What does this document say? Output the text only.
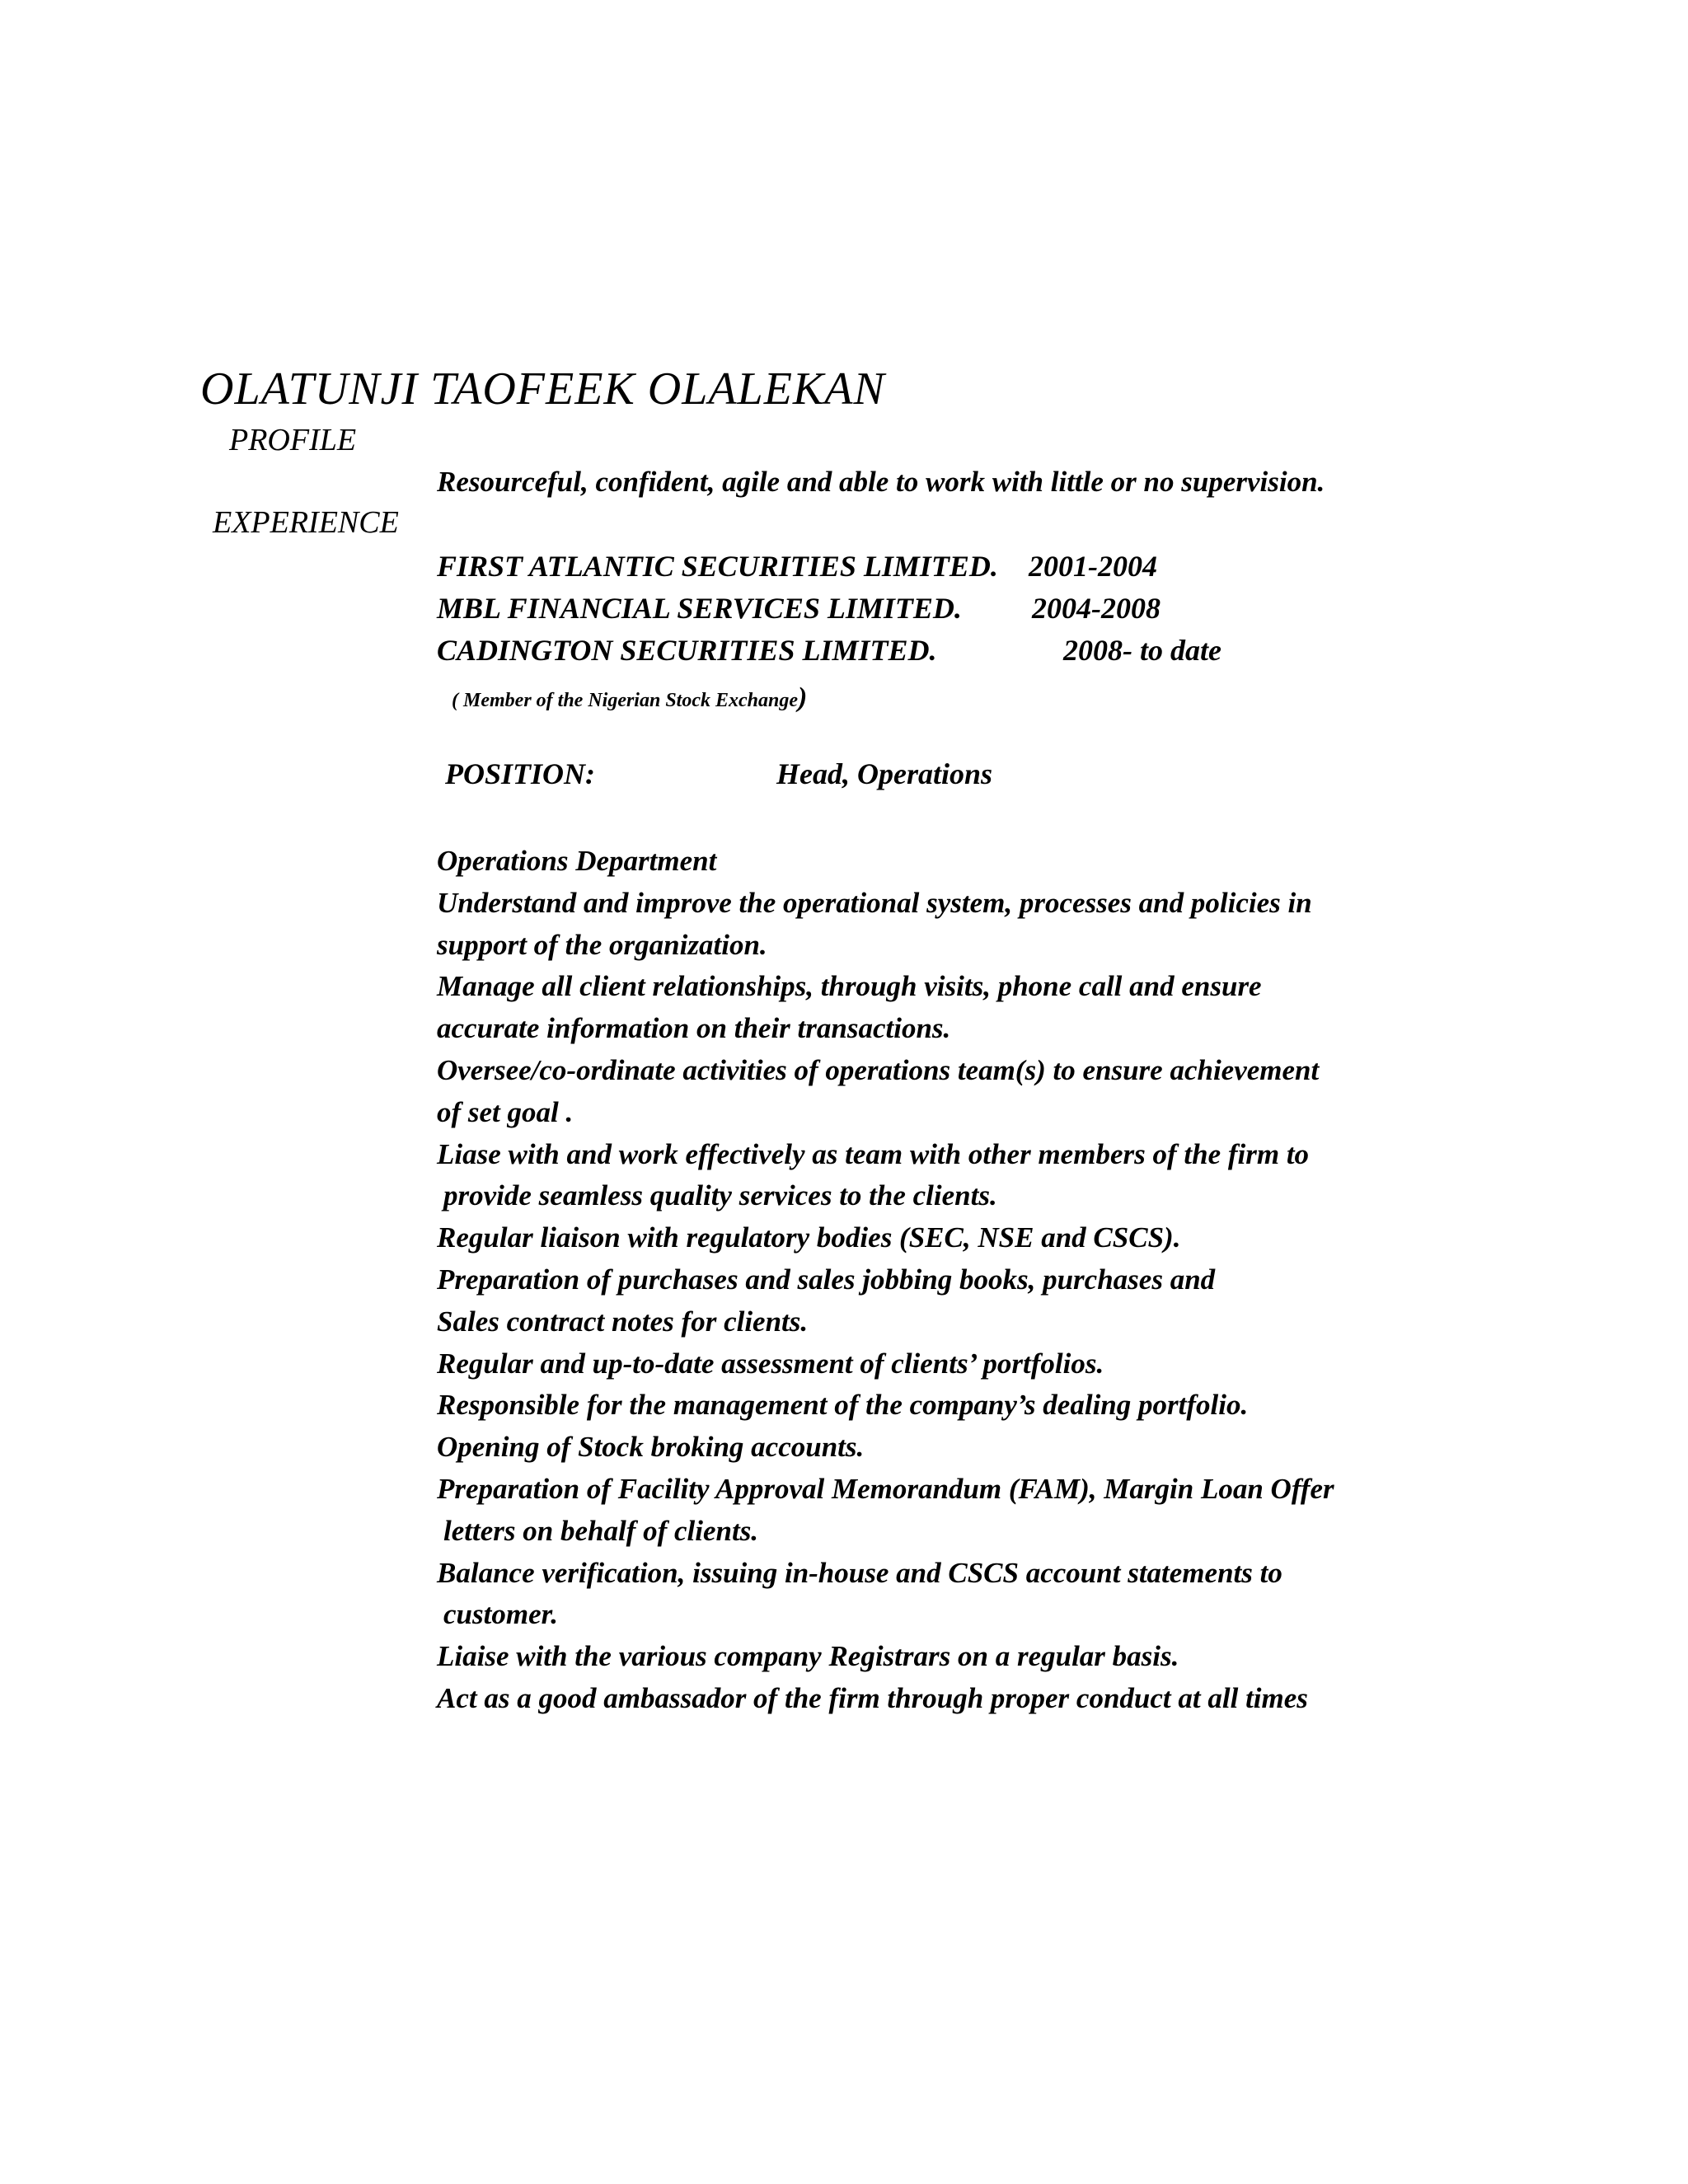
OLATUNJI TAOFEEK OLALEKAN
PROFILE
Resourceful, confident, agile and able to work with little or no supervision.
EXPERIENCE
FIRST ATLANTIC SECURITIES LIMITED. 2001-2004
MBL FINANCIAL SERVICES LIMITED. 2004-2008
CADINGTON SECURITIES LIMITED.	2008- to date
( Member of the Nigerian Stock Exchange)
POSITION:	Head, Operations
Operations Department
Understand and improve the operational system, processes and policies in
support of the organization.
Manage all client relationships, through visits, phone call and ensure
accurate information on their transactions.
Oversee/co-ordinate activities of operations team(s) to ensure achievement
of set goal .
Liase with and work effectively as team with other members of the firm to
provide seamless quality services to the clients.
Regular liaison with regulatory bodies (SEC, NSE and CSCS).
Preparation of purchases and sales jobbing books, purchases and
Sales contract notes for clients.
Regular and up-to-date assessment of clients’ portfolios.
Responsible for the management of the company’s dealing portfolio.
Opening of Stock broking accounts.
Preparation of Facility Approval Memorandum (FAM), Margin Loan Offer
letters on behalf of clients.
Balance verification, issuing in-house and CSCS account statements to
customer.
Liaise with the various company Registrars on a regular basis.
Act as a good ambassador of the firm through proper conduct at all times
